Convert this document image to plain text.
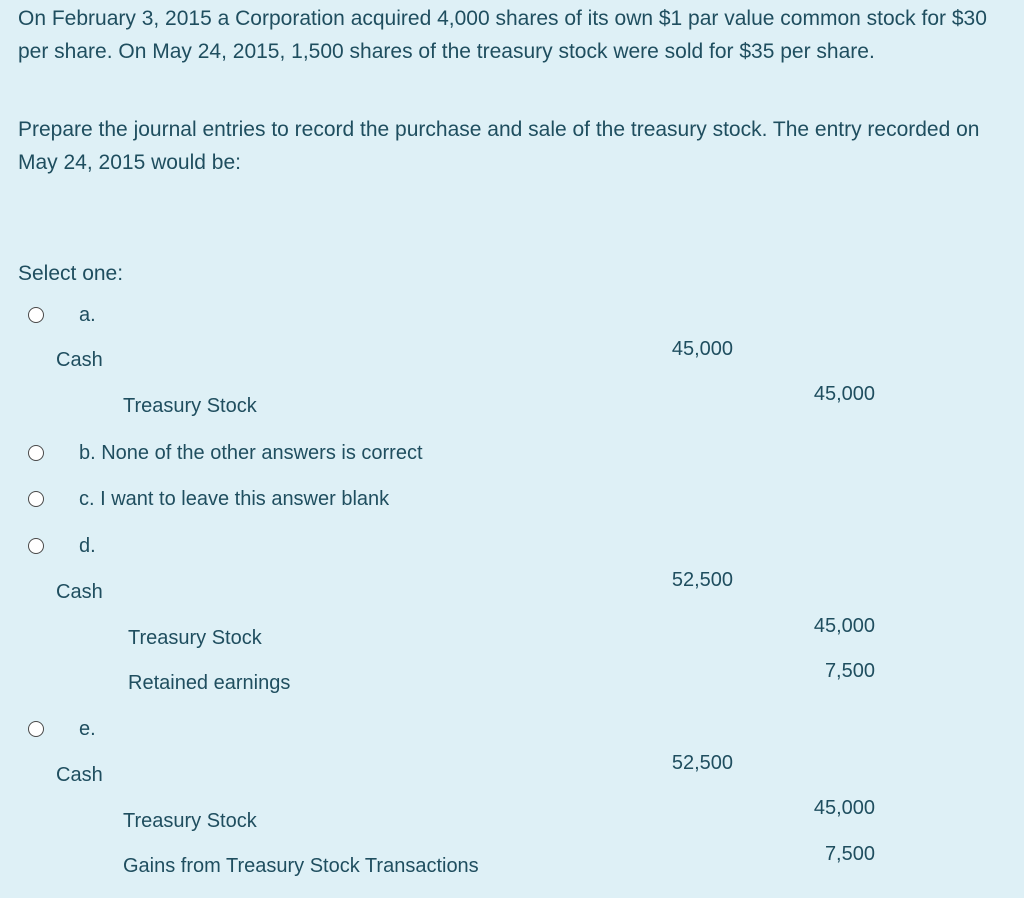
On February 3, 2015 a Corporation acquired 4,000 shares of its own $1 par value common stock for $30 per share. On May 24, 2015, 1,500 shares of the treasury stock were sold for $35 per share.
Prepare the journal entries to record the purchase and sale of the treasury stock. The entry recorded on May 24, 2015 would be:
Select one:
a.
Cash	45,000
Treasury Stock
45,000
b. None of the other answers is correct
c. I want to leave this answer blank
d.
Cash
52,500
Treasury Stock
45,000
Retained earnings
7,500
e.
Cash
52,500
Treasury Stock
45,000
Gains from Treasury Stock Transactions
7,500
